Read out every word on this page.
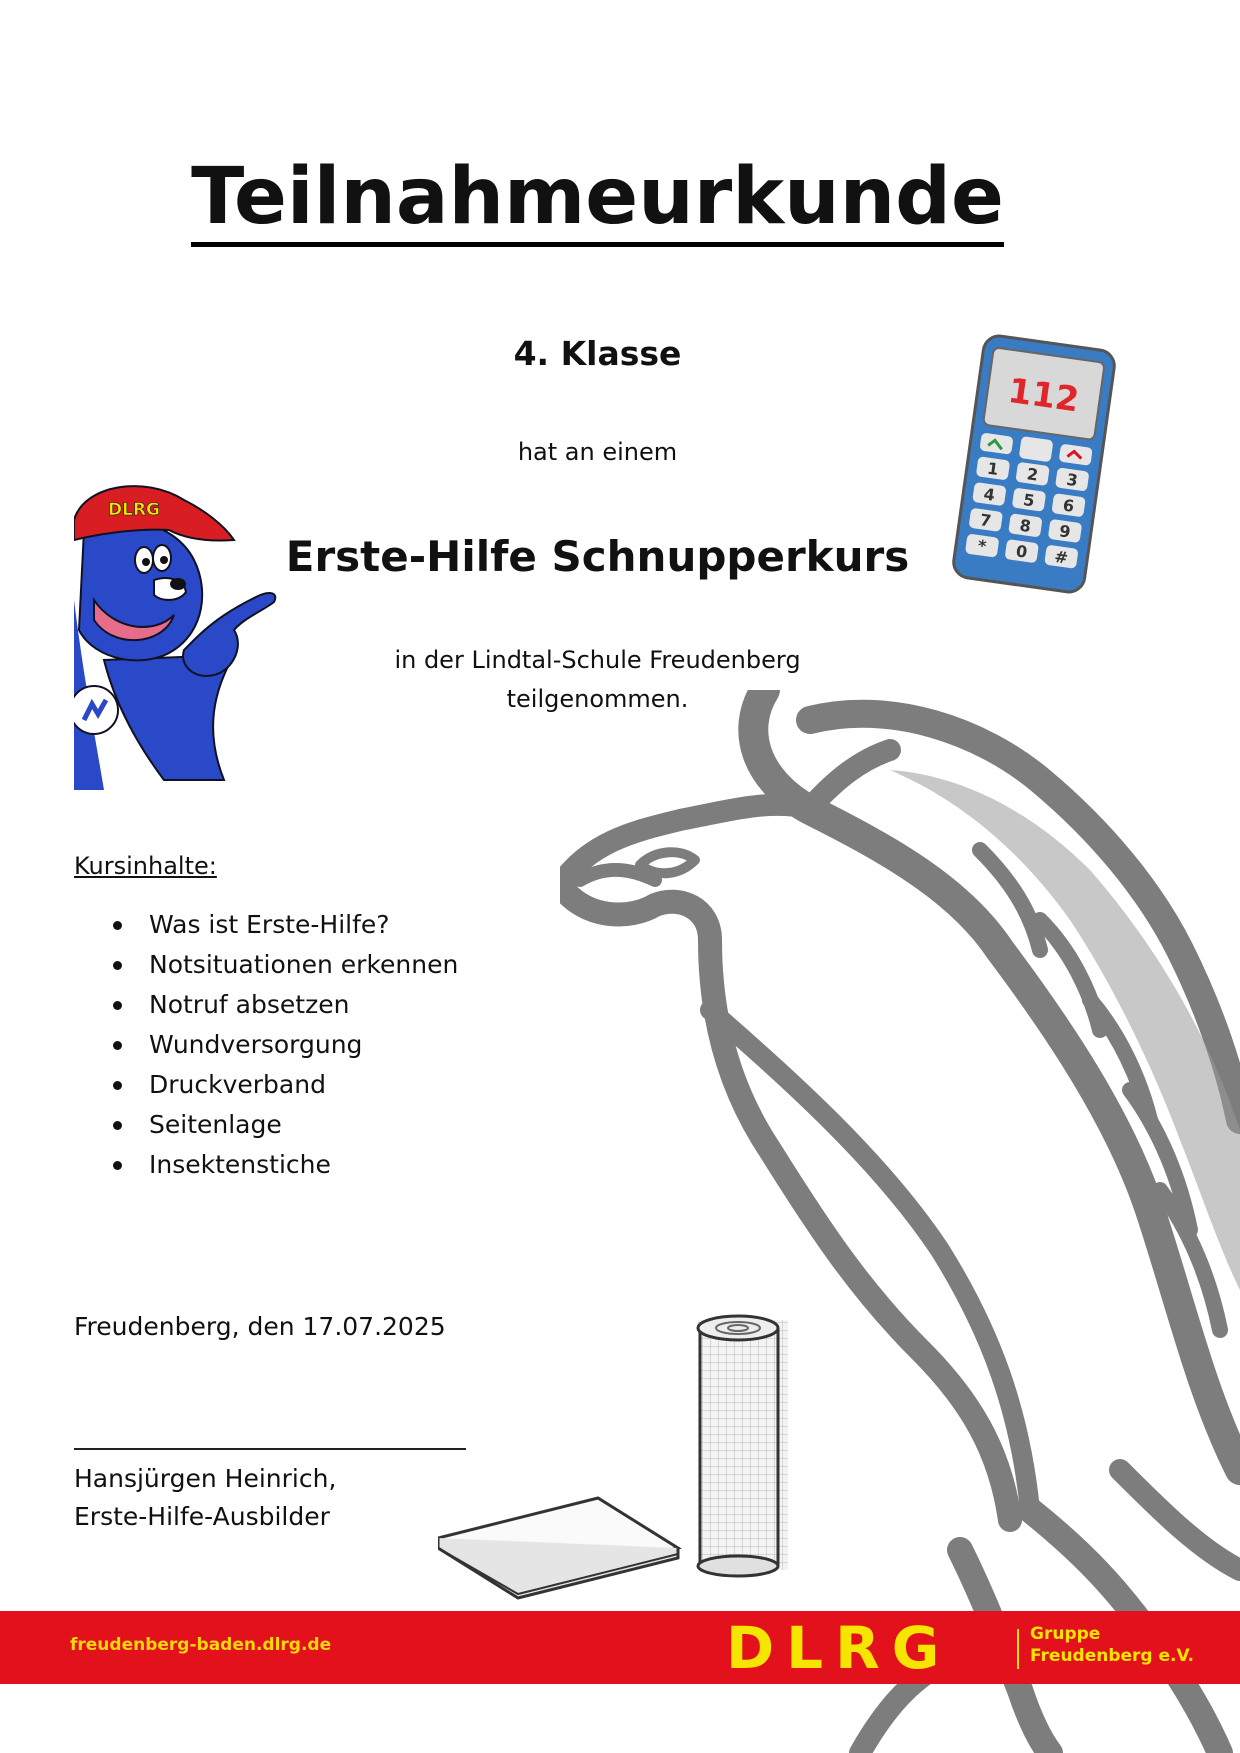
Teilnahmeurkunde
4. Klasse
hat an einem
Erste-Hilfe Schnupperkurs
in der Lindtal-Schule Freudenberg
teilgenommen.
112
1 2 3
4 5 6
7 8 9
* 0 #
DLRG
Kursinhalte:
Was ist Erste-Hilfe?
Notsituationen erkennen
Notruf absetzen
Wundversorgung
Druckverband
Seitenlage
Insektenstiche
Freudenberg, den 17.07.2025
Hansjürgen Heinrich,
Erste-Hilfe-Ausbilder
freudenberg-baden.dlrg.de	DLRG	Gruppe
Freudenberg e.V.
